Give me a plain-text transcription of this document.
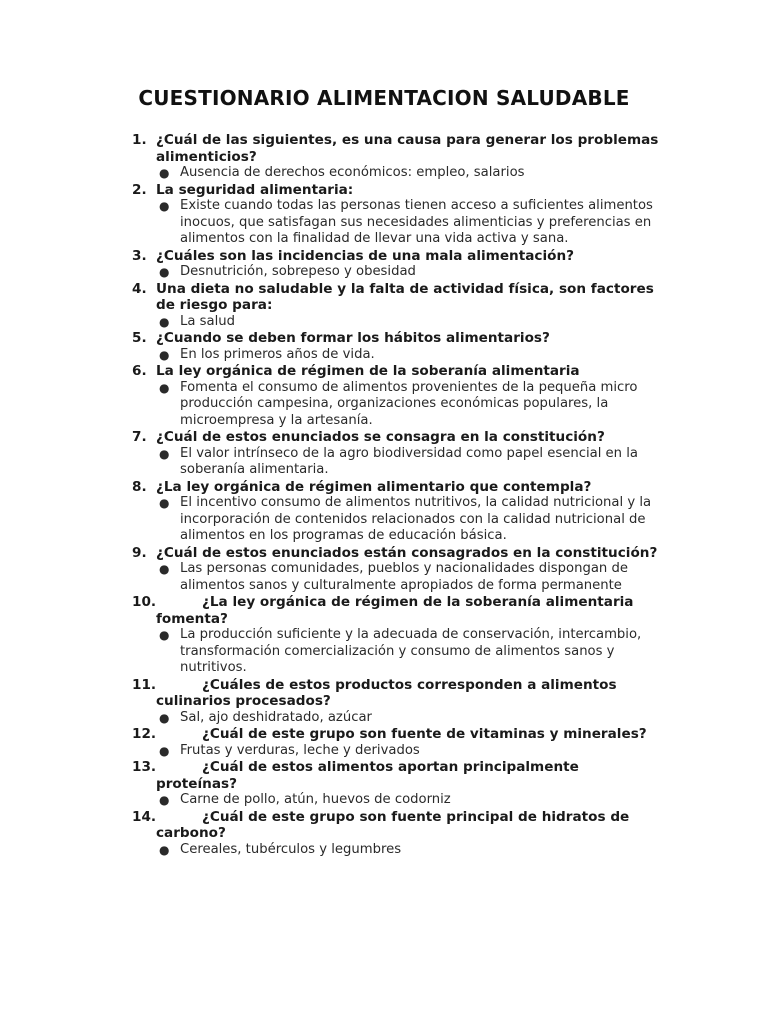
CUESTIONARIO ALIMENTACION SALUDABLE
1. ¿Cuál de las siguientes, es una causa para generar los problemas alimenticios?
● Ausencia de derechos económicos: empleo, salarios
2. La seguridad alimentaria:
● Existe cuando todas las personas tienen acceso a suficientes alimentos inocuos, que satisfagan sus necesidades alimenticias y preferencias en alimentos con la finalidad de llevar una vida activa y sana.
3. ¿Cuáles son las incidencias de una mala alimentación?
● Desnutrición, sobrepeso y obesidad
4. Una dieta no saludable y la falta de actividad física, son factores de riesgo para:
● La salud
5. ¿Cuando se deben formar los hábitos alimentarios?
● En los primeros años de vida.
6. La ley orgánica de régimen de la soberanía alimentaria
● Fomenta el consumo de alimentos provenientes de la pequeña micro producción campesina, organizaciones económicas populares, la microempresa y la artesanía.
7. ¿Cuál de estos enunciados se consagra en la constitución?
● El valor intrínseco de la agro biodiversidad como papel esencial en la soberanía alimentaria.
8. ¿La ley orgánica de régimen alimentario que contempla?
● El incentivo consumo de alimentos nutritivos, la calidad nutricional y la incorporación de contenidos relacionados con la calidad nutricional de alimentos en los programas de educación básica.
9. ¿Cuál de estos enunciados están consagrados en la constitución?
● Las personas comunidades, pueblos y nacionalidades dispongan de alimentos sanos y culturalmente apropiados de forma permanente
10.	¿La ley orgánica de régimen de la soberanía alimentaria fomenta?
● La producción suficiente y la adecuada de conservación, intercambio, transformación comercialización y consumo de alimentos sanos y nutritivos.
11.	¿Cuáles de estos productos corresponden a alimentos culinarios procesados?
● Sal, ajo deshidratado, azúcar
12.	¿Cuál de este grupo son fuente de vitaminas y minerales?
● Frutas y verduras, leche y derivados
13.	¿Cuál de estos alimentos aportan principalmente proteínas?
● Carne de pollo, atún, huevos de codorniz
14.	¿Cuál de este grupo son fuente principal de hidratos de carbono?
● Cereales, tubérculos y legumbres
